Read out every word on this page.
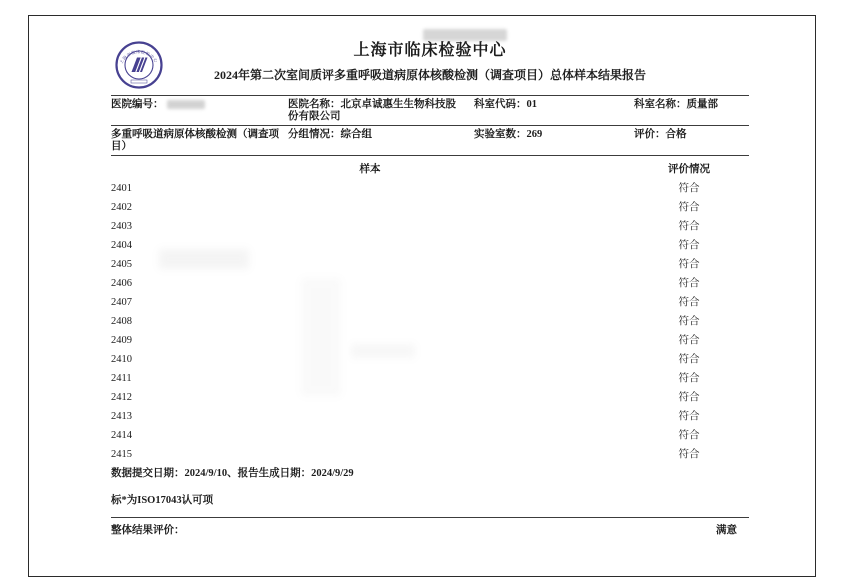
上海市临床检验中心
上海市临床检验中心
2024年第二次室间质评多重呼吸道病原体核酸检测（调查项目）总体样本结果报告
医院编号：	医院名称：北京卓诚惠生生物科技股份有限公司
科室代码：01	科室名称：质量部
多重呼吸道病原体核酸检测（调查项目）
分组情况：综合组	实验室数：269	评价：合格
样本	评价情况
2401	符合
2402	符合
2403	符合
2404	符合
2405	符合
2406	符合
2407	符合
2408	符合
2409	符合
2410	符合
2411	符合
2412	符合
2413	符合
2414	符合
2415	符合
数据提交日期：2024/9/10、报告生成日期：2024/9/29
标*为ISO17043认可项
整体结果评价：	满意
